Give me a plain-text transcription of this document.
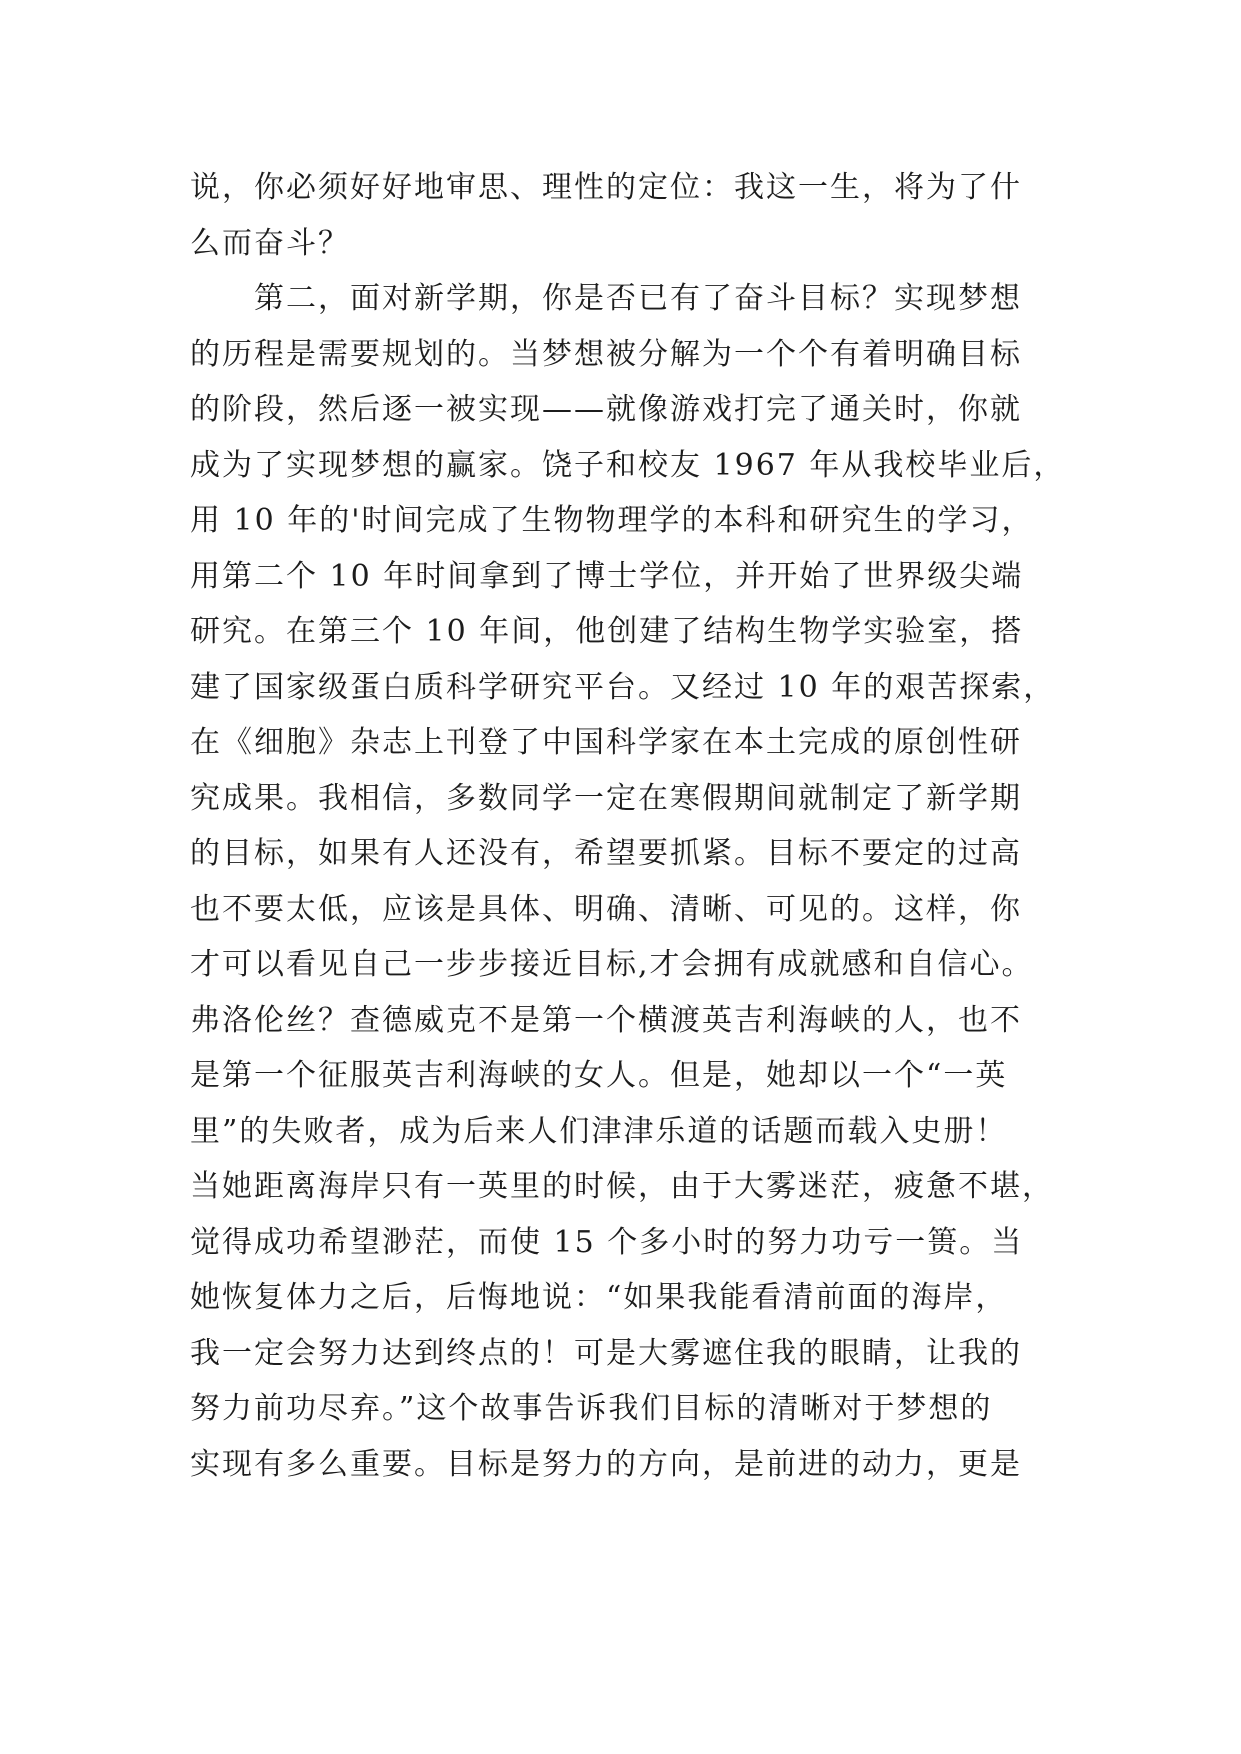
说，你必须好好地审思、理性的定位：我这一生，将为了什
么而奋斗？
第二，面对新学期，你是否已有了奋斗目标？实现梦想
的历程是需要规划的。当梦想被分解为一个个有着明确目标
的阶段，然后逐一被实现——就像游戏打完了通关时，你就
成为了实现梦想的赢家。饶子和校友 1967 年从我校毕业后，
用 10 年的'时间完成了生物物理学的本科和研究生的学习，
用第二个 10 年时间拿到了博士学位，并开始了世界级尖端
研究。在第三个 10 年间，他创建了结构生物学实验室，搭
建了国家级蛋白质科学研究平台。又经过 10 年的艰苦探索，
在《细胞》杂志上刊登了中国科学家在本土完成的原创性研
究成果。我相信，多数同学一定在寒假期间就制定了新学期
的目标，如果有人还没有，希望要抓紧。目标不要定的过高
也不要太低，应该是具体、明确、清晰、可见的。这样，你
才可以看见自己一步步接近目标,才会拥有成就感和自信心。
弗洛伦丝？查德威克不是第一个横渡英吉利海峡的人，也不
是第一个征服英吉利海峡的女人。但是，她却以一个“一英
里”的失败者，成为后来人们津津乐道的话题而载入史册！
当她距离海岸只有一英里的时候，由于大雾迷茫，疲惫不堪，
觉得成功希望渺茫，而使 15 个多小时的努力功亏一篑。当
她恢复体力之后，后悔地说：“如果我能看清前面的海岸，
我一定会努力达到终点的！可是大雾遮住我的眼睛，让我的
努力前功尽弃。”这个故事告诉我们目标的清晰对于梦想的
实现有多么重要。目标是努力的方向，是前进的动力，更是
